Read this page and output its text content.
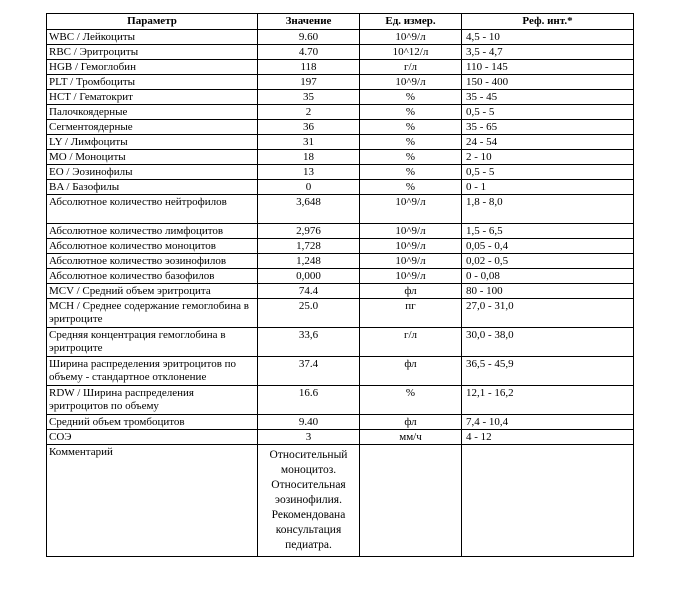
Параметр	Значение	Ед. измер.	Реф. инт.*
WBC / Лейкоциты	9.60	10^9/л	4,5 - 10
RBC / Эритроциты	4.70	10^12/л	3,5 - 4,7
HGB / Гемоглобин	118	г/л	110 - 145
PLT / Тромбоциты	197	10^9/л	150 - 400
HCT / Гематокрит	35	%	35 - 45
Палочкоядерные	2	%	0,5 - 5
Сегментоядерные	36	%	35 - 65
LY / Лимфоциты	31	%	24 - 54
MO / Моноциты	18	%	2 - 10
EO / Эозинофилы	13	%	0,5 - 5
BA / Базофилы	0	%	0 - 1
Абсолютное количество нейтрофилов	3,648	10^9/л	1,8 - 8,0
Абсолютное количество лимфоцитов	2,976	10^9/л	1,5 - 6,5
Абсолютное количество моноцитов	1,728	10^9/л	0,05 - 0,4
Абсолютное количество эозинофилов	1,248	10^9/л	0,02 - 0,5
Абсолютное количество базофилов	0,000	10^9/л	0 - 0,08
MCV / Средний объем эритроцита	74.4	фл	80 - 100
MCH / Среднее содержание гемоглобина в эритроците	25.0	пг	27,0 - 31,0
Средняя концентрация гемоглобина в эритроците	33,6	г/л	30,0 - 38,0
Ширина распределения эритроцитов по объему - стандартное отклонение	37.4	фл	36,5 - 45,9
RDW / Ширина распределения эритроцитов по объему	16.6	%	12,1 - 16,2
Средний объем тромбоцитов	9.40	фл	7,4 - 10,4
СОЭ	3	мм/ч	4 - 12
Комментарий	Относительный моноцитоз. Относительная эозинофилия. Рекомендована консультация педиатра.		
